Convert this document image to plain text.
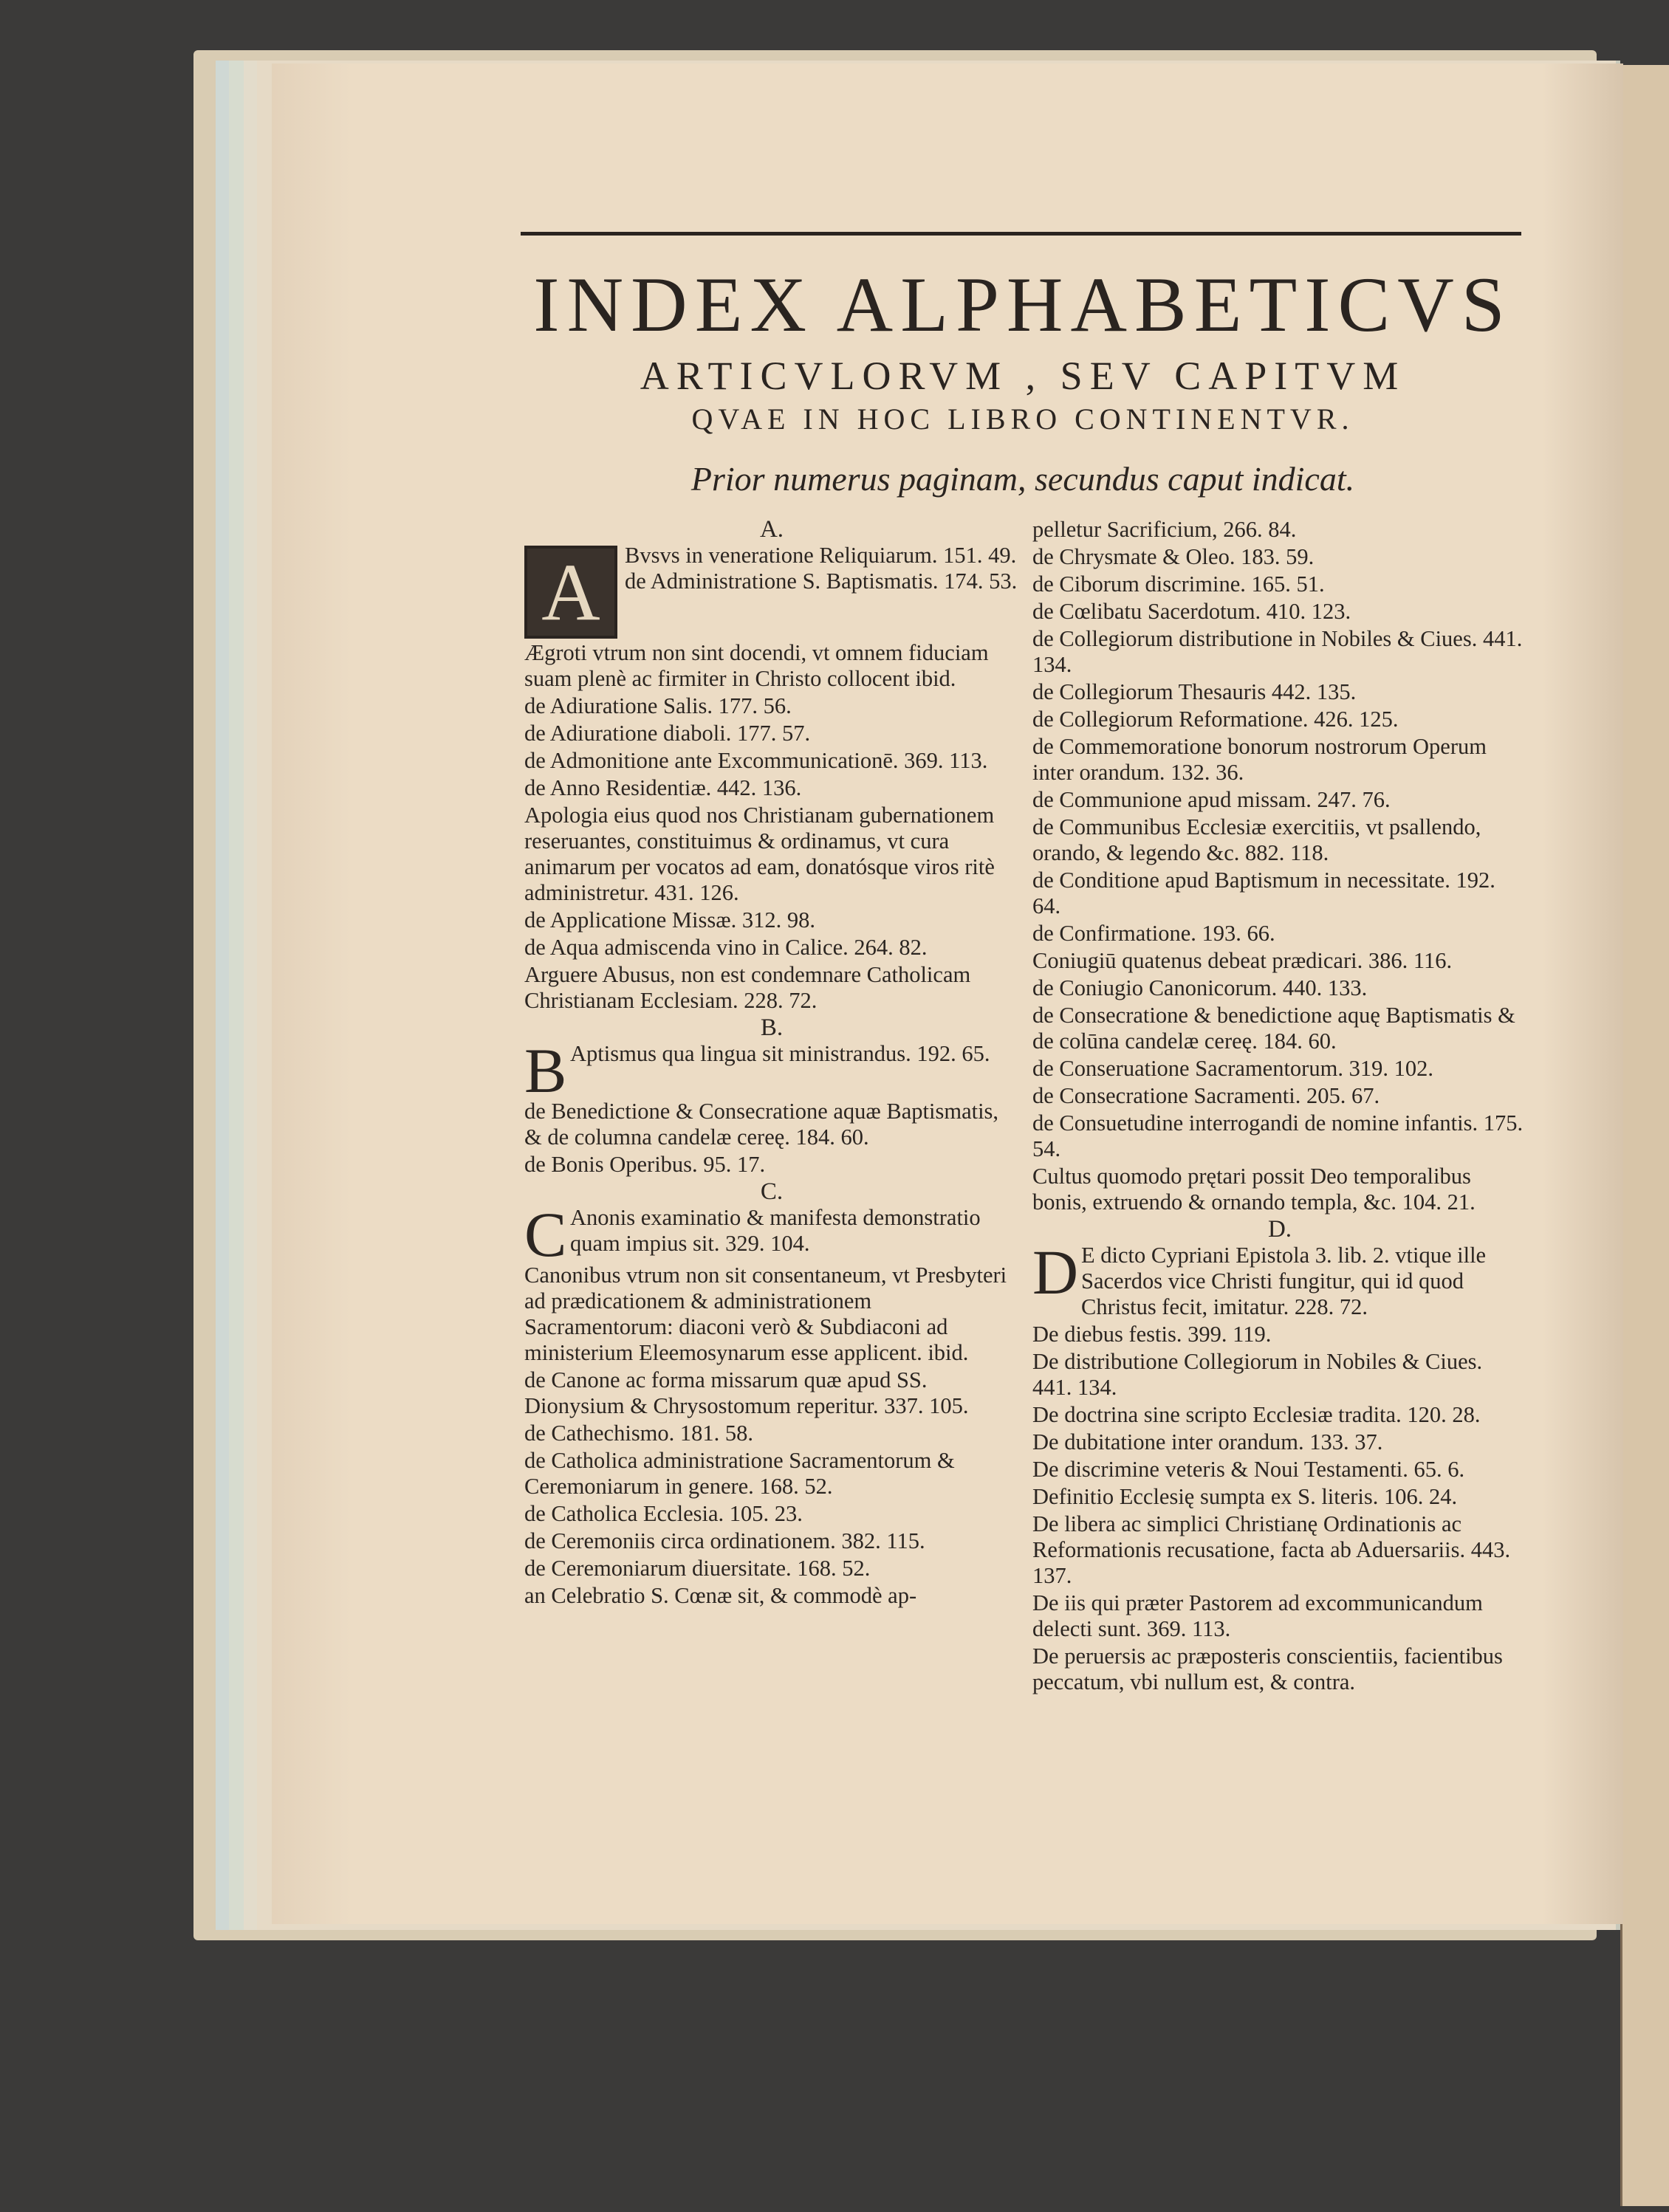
INDEX ALPHABETICVS
ARTICVLORVM , SEV CAPITVM
QVAE IN HOC LIBRO CONTINENTVR.
Prior numerus paginam, secundus caput indicat.
A.
A	Bvsvs in veneratione Reliquiarum. 151. 49.
de Administratione S. Baptismatis. 174. 53.
Ægroti vtrum non sint docendi, vt omnem fiduciam suam plenè ac firmiter in Christo collocent ibid.
de Adiuratione Salis. 177. 56.
de Adiuratione diaboli. 177. 57.
de Admonitione ante Excommunicationē. 369. 113.
de Anno Residentiæ. 442. 136.
Apologia eius quod nos Christianam gubernationem reseruantes, constituimus & ordinamus, vt cura animarum per vocatos ad eam, donatósque viros ritè administretur. 431. 126.
de Applicatione Missæ. 312. 98.
de Aqua admiscenda vino in Calice. 264. 82.
Arguere Abusus, non est condemnare Catholicam Christianam Ecclesiam. 228. 72.
B.
B Aptismus qua lingua sit ministrandus. 192. 65.
de Benedictione & Consecratione aquæ Baptismatis, & de columna candelæ cereę. 184. 60.
de Bonis Operibus. 95. 17.
C.
C Anonis examinatio & manifesta demonstratio quam impius sit. 329. 104.
Canonibus vtrum non sit consentaneum, vt Presbyteri ad prædicationem & administrationem Sacramentorum: diaconi verò & Subdiaconi ad ministerium Eleemosynarum esse applicent. ibid.
de Canone ac forma missarum quæ apud SS. Dionysium & Chrysostomum reperitur. 337. 105.
de Cathechismo. 181. 58.
de Catholica administratione Sacramentorum & Ceremoniarum in genere. 168. 52.
de Catholica Ecclesia. 105. 23.
de Ceremoniis circa ordinationem. 382. 115.
de Ceremoniarum diuersitate. 168. 52.
an Celebratio S. Cœnæ sit, & commodè ap-
pelletur Sacrificium, 266. 84.
de Chrysmate & Oleo. 183. 59.
de Ciborum discrimine. 165. 51.
de Cœlibatu Sacerdotum. 410. 123.
de Collegiorum distributione in Nobiles & Ciues. 441. 134.
de Collegiorum Thesauris 442. 135.
de Collegiorum Reformatione. 426. 125.
de Commemoratione bonorum nostrorum Operum inter orandum. 132. 36.
de Communione apud missam. 247. 76.
de Communibus Ecclesiæ exercitiis, vt psallendo, orando, & legendo &c. 882. 118.
de Conditione apud Baptismum in necessitate. 192. 64.
de Confirmatione. 193. 66.
Coniugiū quatenus debeat prædicari. 386. 116.
de Coniugio Canonicorum. 440. 133.
de Consecratione & benedictione aquę Baptismatis & de colūna candelæ cereę. 184. 60.
de Conseruatione Sacramentorum. 319. 102.
de Consecratione Sacramenti. 205. 67.
de Consuetudine interrogandi de nomine infantis. 175. 54.
Cultus quomodo prętari possit Deo temporalibus bonis, extruendo & ornando templa, &c. 104. 21.
D.
D E dicto Cypriani Epistola 3. lib. 2. vtique ille Sacerdos vice Christi fungitur, qui id quod Christus fecit, imitatur. 228. 72.
De diebus festis. 399. 119.
De distributione Collegiorum in Nobiles & Ciues. 441. 134.
De doctrina sine scripto Ecclesiæ tradita. 120. 28.
De dubitatione inter orandum. 133. 37.
De discrimine veteris & Noui Testamenti. 65. 6.
Definitio Ecclesię sumpta ex S. literis. 106. 24.
De libera ac simplici Christianę Ordinationis ac Reformationis recusatione, facta ab Aduersariis. 443. 137.
De iis qui præter Pastorem ad excommunicandum delecti sunt. 369. 113.
De peruersis ac præposteris conscientiis, facientibus peccatum, vbi nullum est, & contra.
